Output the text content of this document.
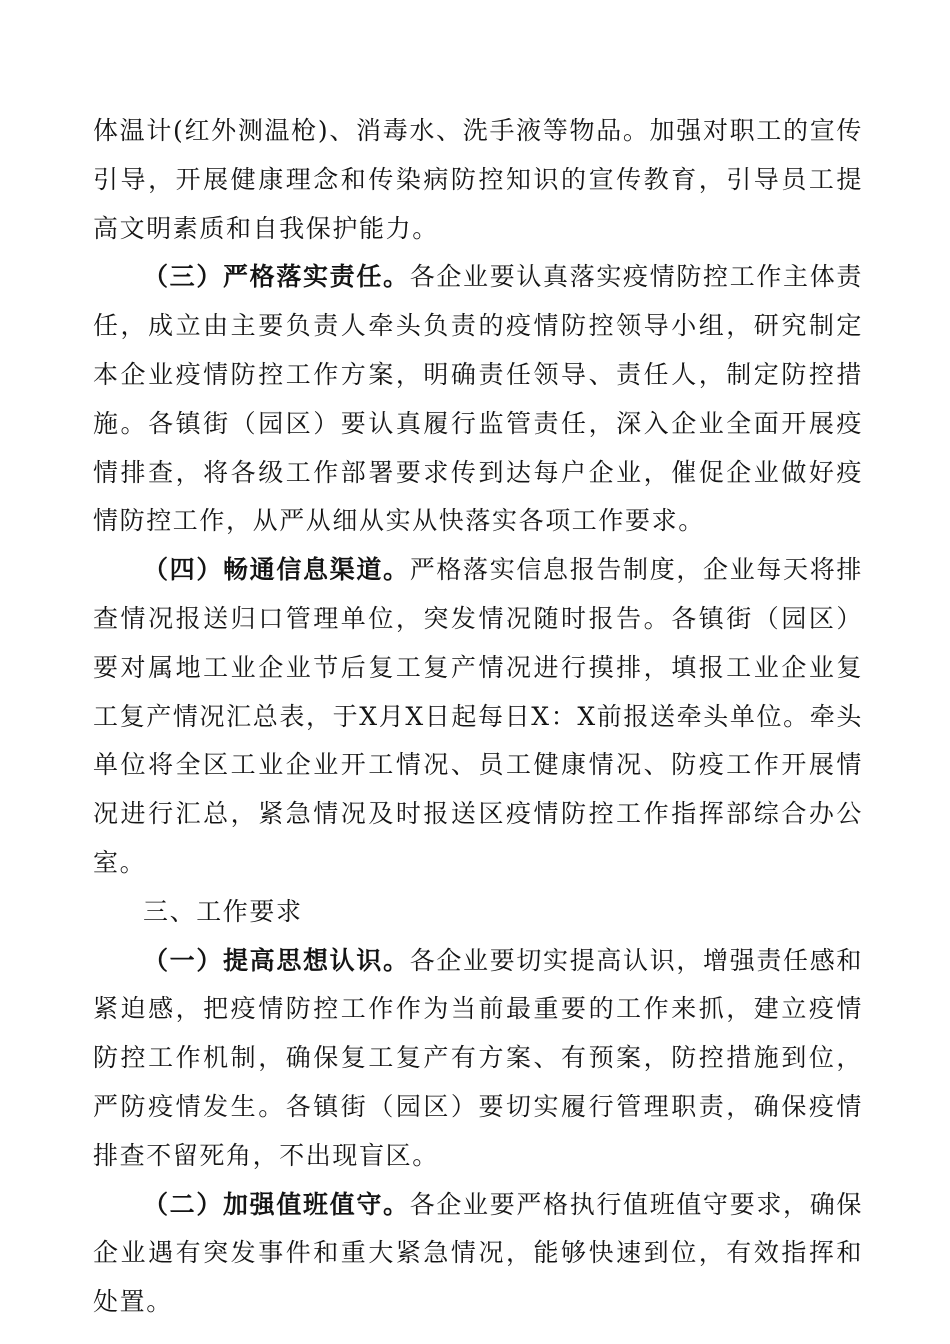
体温计(红外测温枪)、消毒水、洗手液等物品。加强对职工的宣传引导，开展健康理念和传染病防控知识的宣传教育，引导员工提高文明素质和自我保护能力。

（三）严格落实责任。各企业要认真落实疫情防控工作主体责任，成立由主要负责人牵头负责的疫情防控领导小组，研究制定本企业疫情防控工作方案，明确责任领导、责任人，制定防控措施。各镇街（园区）要认真履行监管责任，深入企业全面开展疫情排查，将各级工作部署要求传到达每户企业，催促企业做好疫情防控工作，从严从细从实从快落实各项工作要求。

（四）畅通信息渠道。严格落实信息报告制度，企业每天将排查情况报送归口管理单位，突发情况随时报告。各镇街（园区）要对属地工业企业节后复工复产情况进行摸排，填报工业企业复工复产情况汇总表，于X月X日起每日X：X前报送牵头单位。牵头单位将全区工业企业开工情况、员工健康情况、防疫工作开展情况进行汇总，紧急情况及时报送区疫情防控工作指挥部综合办公室。

三、工作要求

（一）提高思想认识。各企业要切实提高认识，增强责任感和紧迫感，把疫情防控工作作为当前最重要的工作来抓，建立疫情防控工作机制，确保复工复产有方案、有预案，防控措施到位，严防疫情发生。各镇街（园区）要切实履行管理职责，确保疫情排查不留死角，不出现盲区。

（二）加强值班值守。各企业要严格执行值班值守要求，确保企业遇有突发事件和重大紧急情况，能够快速到位，有效指挥和处置。
